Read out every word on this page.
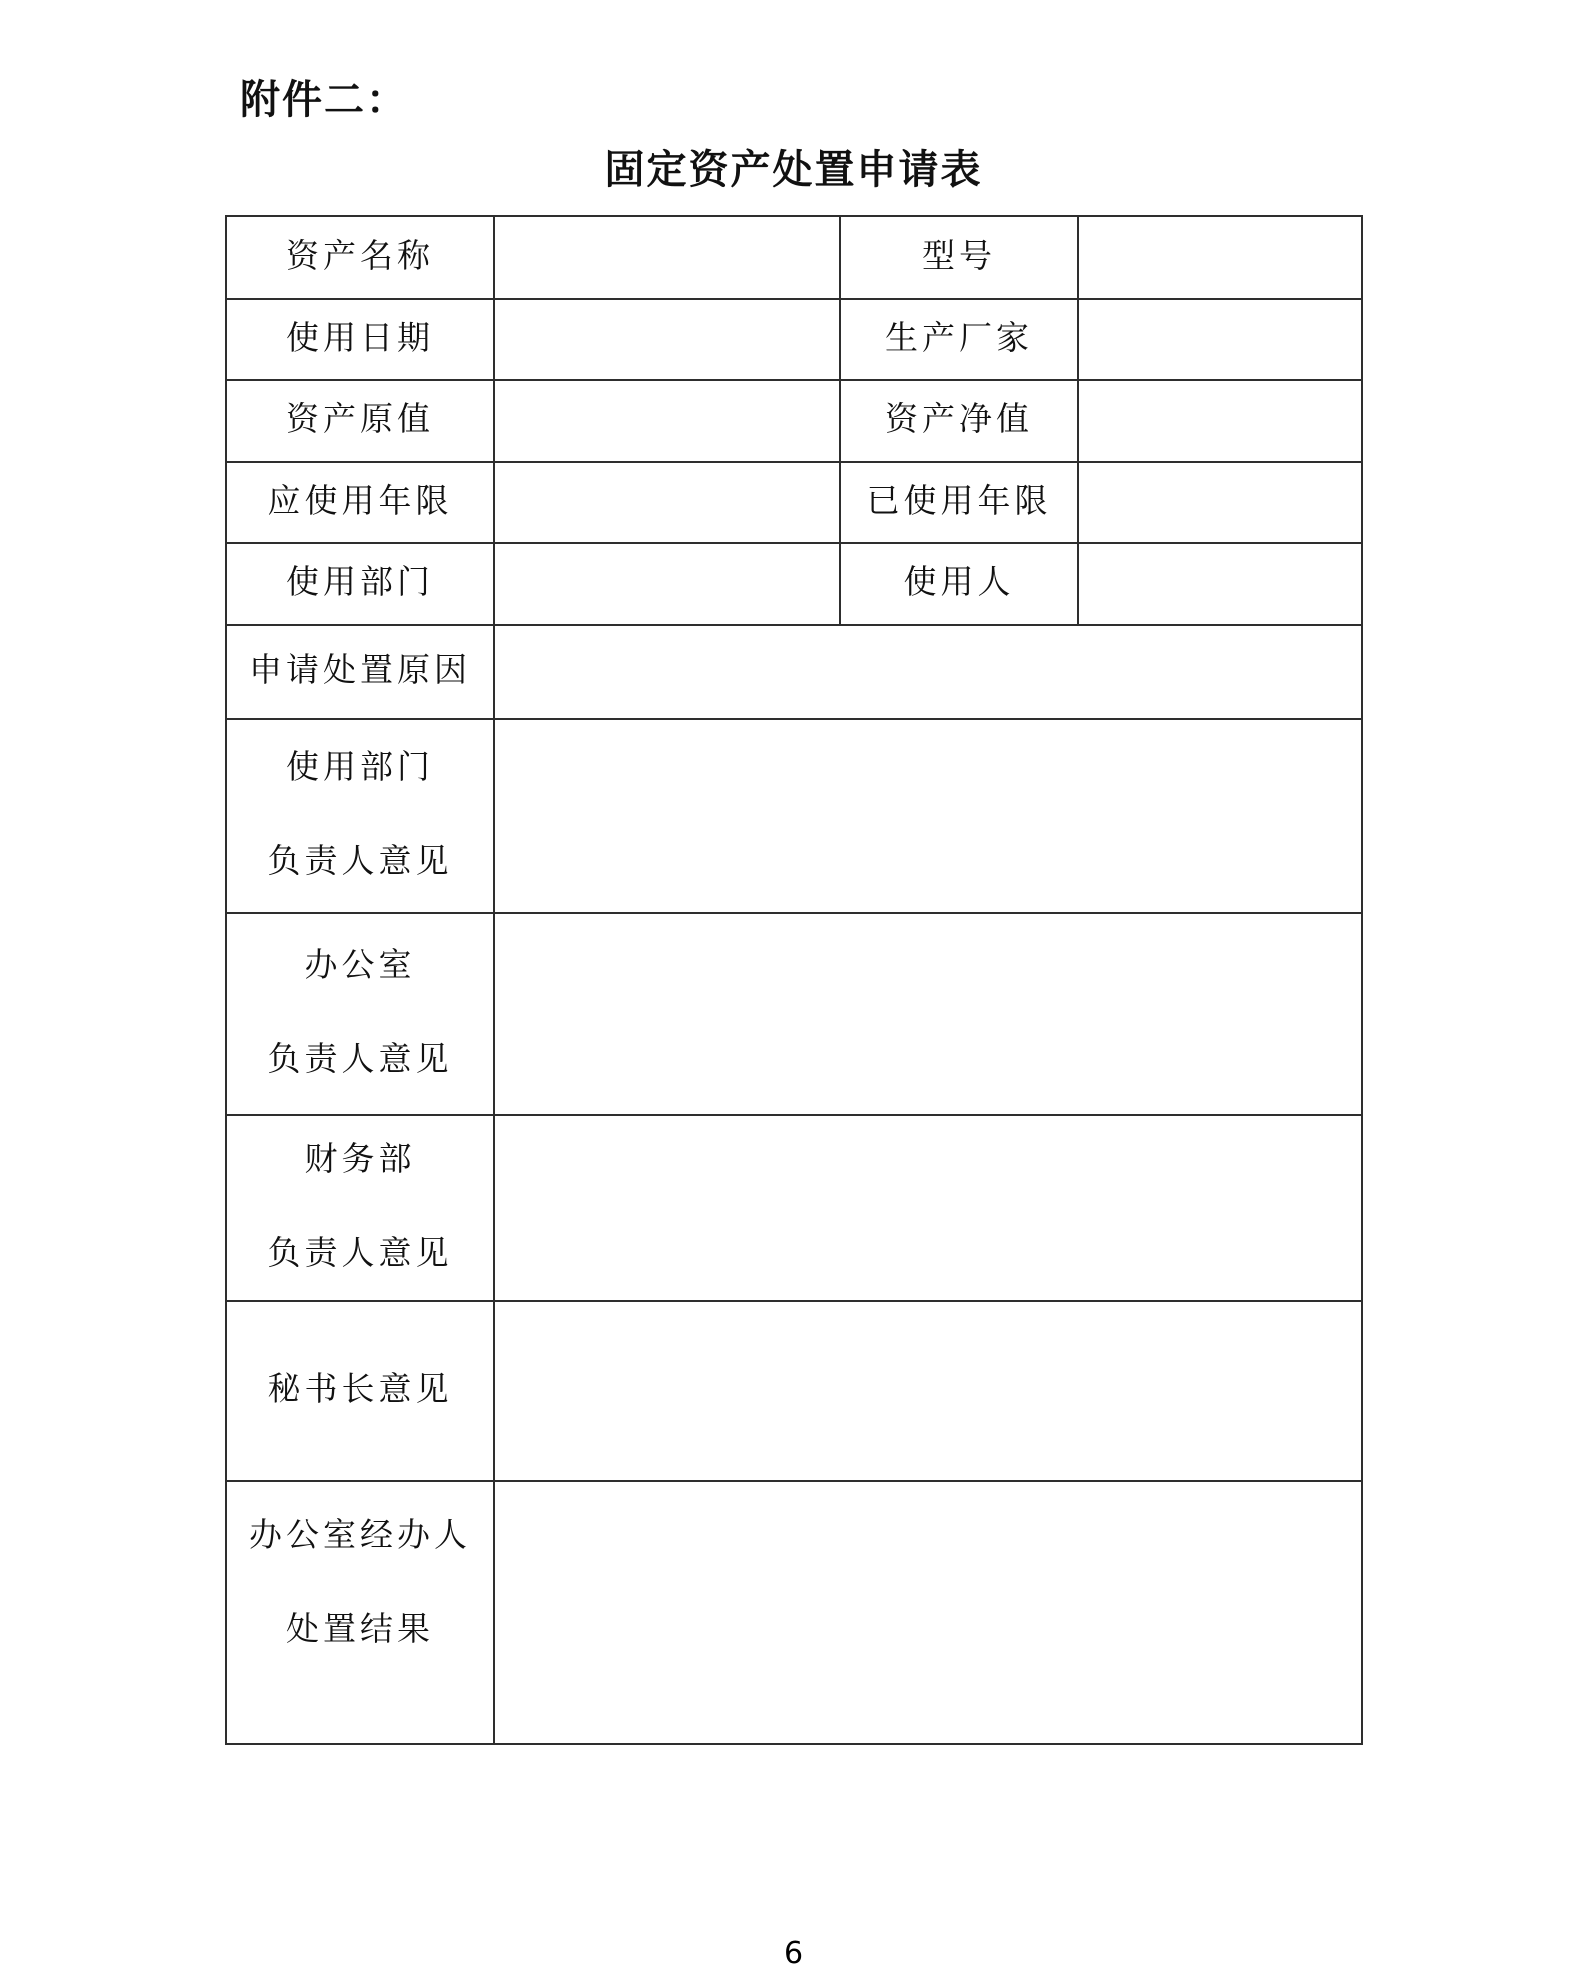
附件二：
固定资产处置申请表
资产名称		型号	

使用日期		生产厂家	

资产原值		资产净值	

应使用年限		已使用年限	

使用部门		使用人	

申请处置原因			

使用部门
负责人意见			

办公室
负责人意见			

财务部
负责人意见			

秘书长意见			

办公室经办人
处置结果			

6
